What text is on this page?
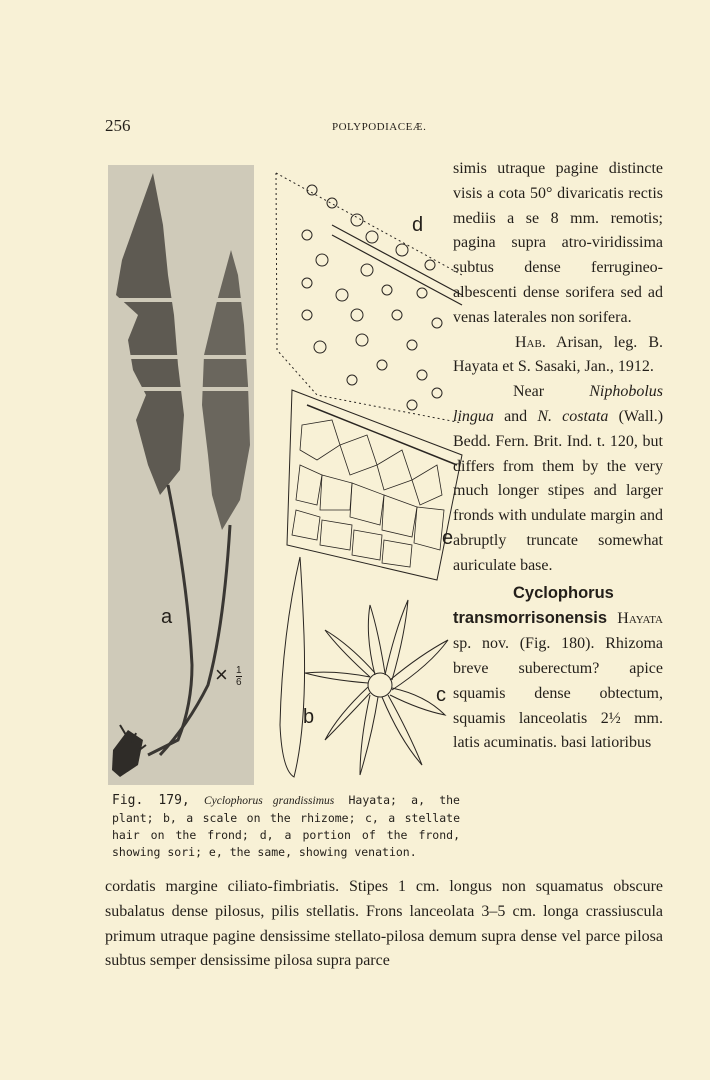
256	POLYPODIACEÆ.
a
× $\frac{1}{6}$
d
e
b
c
Fig. 179, Cyclophorus grandissimus Hayata; a, the plant; b, a scale on the rhizome; c, a stellate hair on the frond; d, a portion of the frond, showing sori; e, the same, showing venation.

simis utraque pagine distincte visis a cota 50° divaricatis rectis mediis a se 8 mm. remotis; pagina supra atro-viridissima subtus dense ferrugineo-albescenti dense sorifera sed ad venas laterales non sorifera.

Hab. Arisan, leg. B. Hayata et S. Sasaki, Jan., 1912.

Near	Niphobolus lingua and N. costata (Wall.) Bedd. Fern. Brit. Ind. t. 120, but differs from them by the very much longer stipes and larger fronds with undulate margin and abruptly truncate somewhat auriculate base.

Cyclophorus transmorrisonensis Hayata sp. nov. (Fig. 180). Rhizoma breve suberectum? apice squamis dense obtectum, squamis lanceolatis 2½ mm. latis acuminatis. basi latioribus

cordatis margine ciliato-fimbriatis. Stipes 1 cm. longus non squamatus obscure subalatus dense pilosus, pilis stellatis. Frons lanceolata 3–5 cm. longa crassiuscula primum utraque pagine densissime stellato-pilosa demum supra dense vel parce pilosa subtus semper densissime pilosa supra parce
